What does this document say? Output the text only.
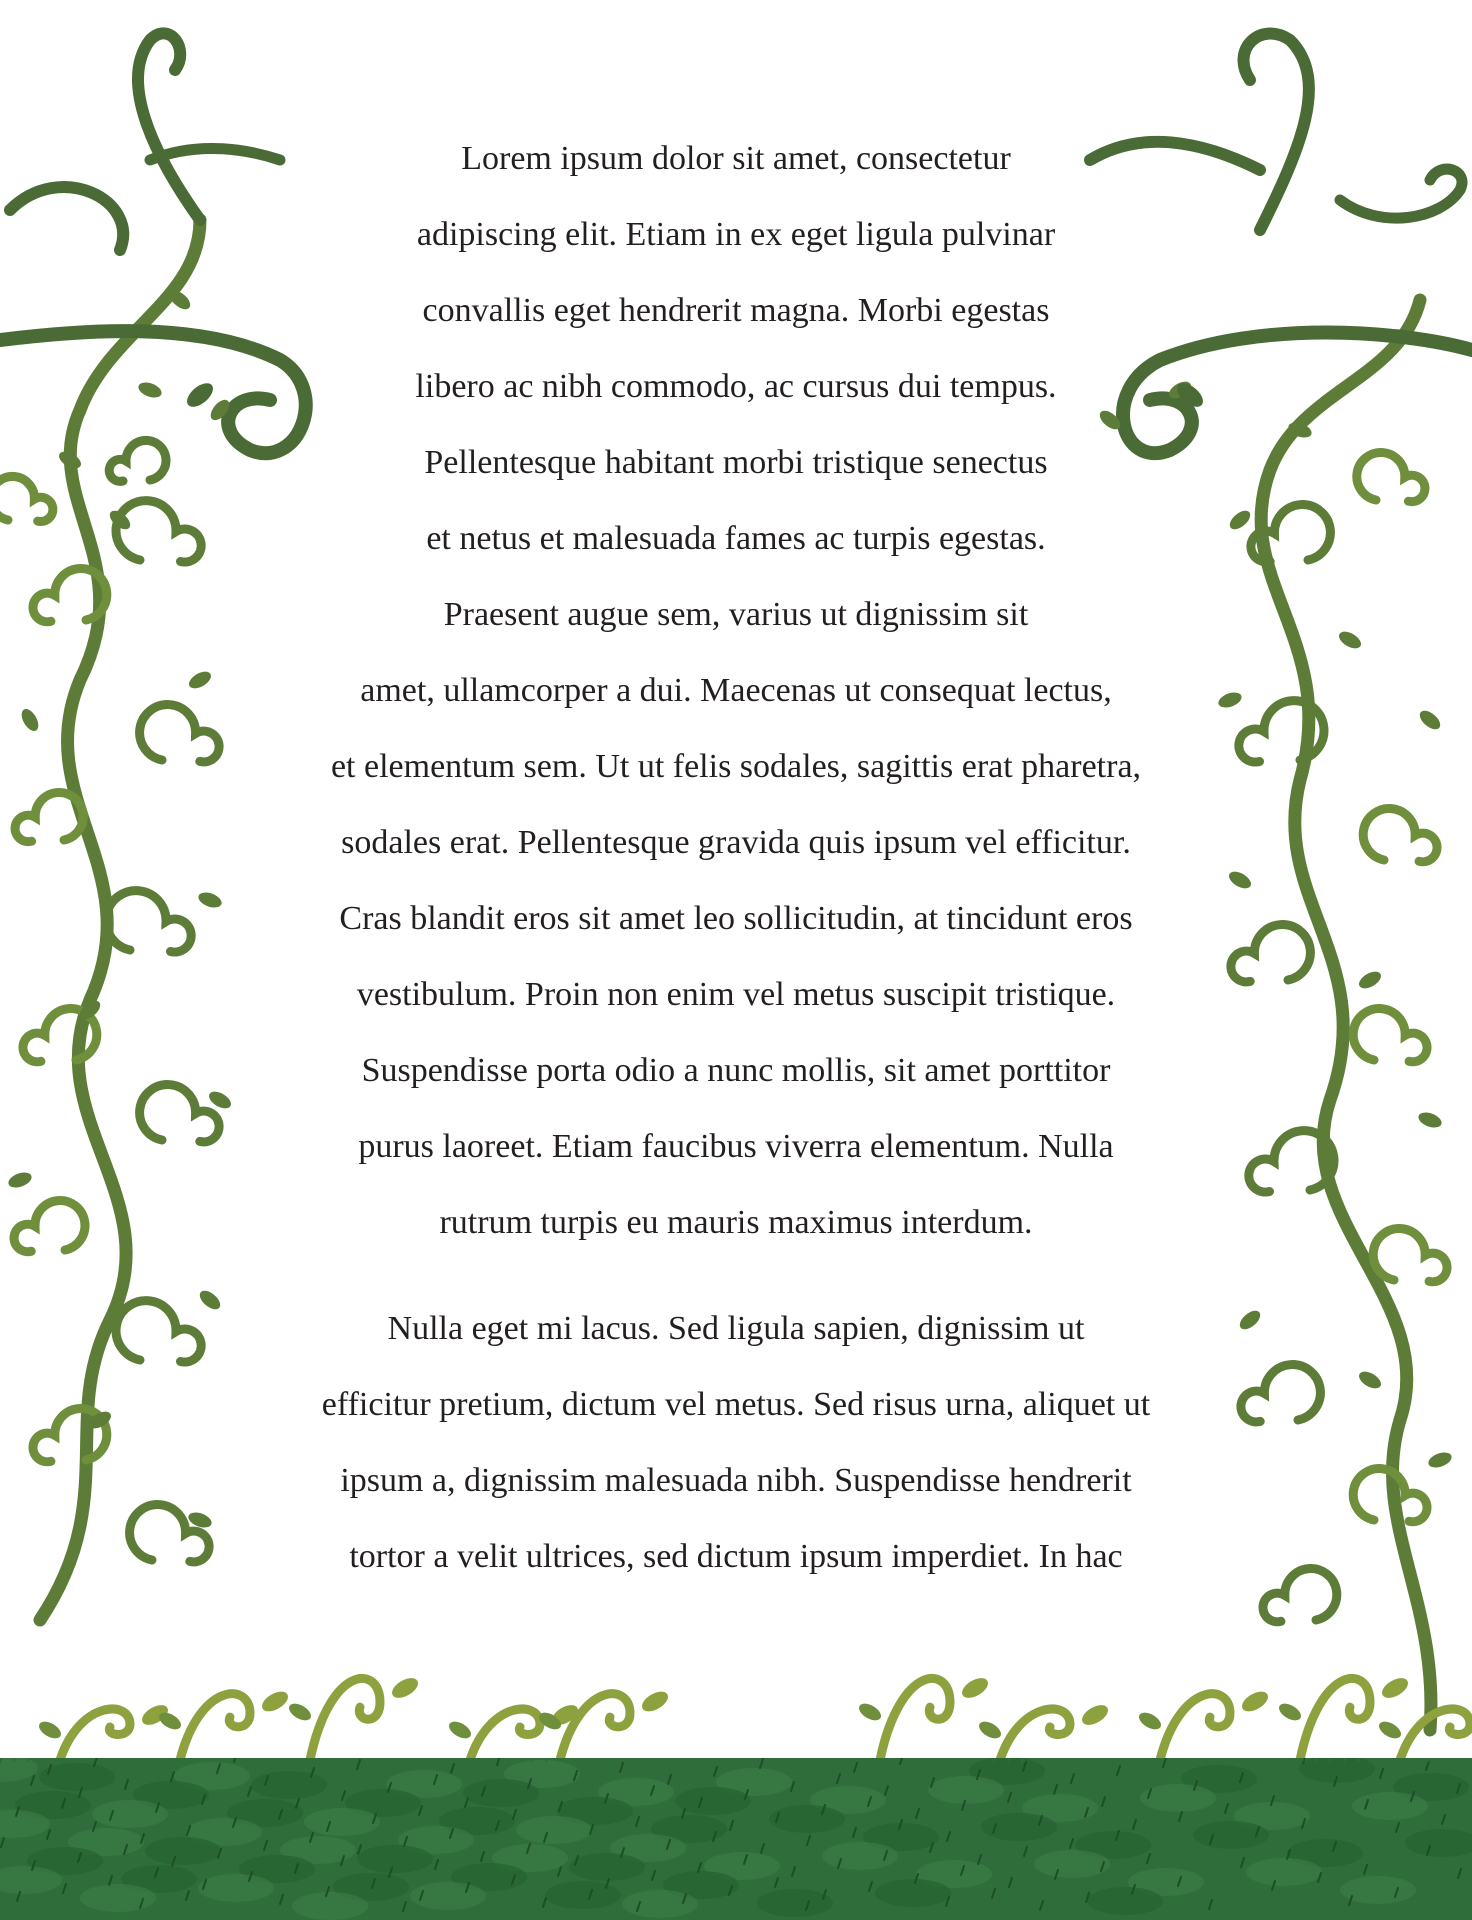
Lorem ipsum dolor sit amet, consectetur
adipiscing elit. Etiam in ex eget ligula pulvinar
convallis eget hendrerit magna. Morbi egestas
libero ac nibh commodo, ac cursus dui tempus.
Pellentesque habitant morbi tristique senectus
et netus et malesuada fames ac turpis egestas.
Praesent augue sem, varius ut dignissim sit
amet, ullamcorper a dui. Maecenas ut consequat lectus,
et elementum sem. Ut ut felis sodales, sagittis erat pharetra,
sodales erat. Pellentesque gravida quis ipsum vel efficitur.
Cras blandit eros sit amet leo sollicitudin, at tincidunt eros
vestibulum. Proin non enim vel metus suscipit tristique.
Suspendisse porta odio a nunc mollis, sit amet porttitor
purus laoreet. Etiam faucibus viverra elementum. Nulla
rutrum turpis eu mauris maximus interdum.
Nulla eget mi lacus. Sed ligula sapien, dignissim ut
efficitur pretium, dictum vel metus. Sed risus urna, aliquet ut
ipsum a, dignissim malesuada nibh. Suspendisse hendrerit
tortor a velit ultrices, sed dictum ipsum imperdiet. In hac
